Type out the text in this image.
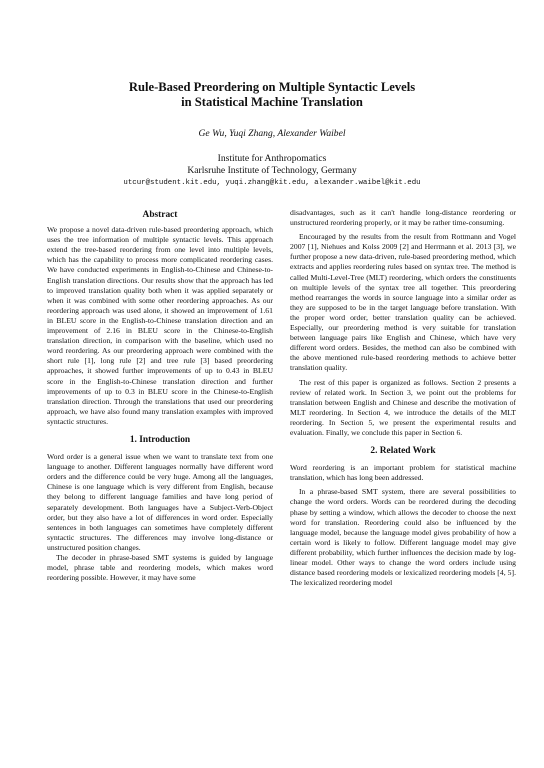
Rule-Based Preordering on Multiple Syntactic Levels
in Statistical Machine Translation
Ge Wu, Yuqi Zhang, Alexander Waibel
Institute for Anthropomatics
Karlsruhe Institute of Technology, Germany
utcur@student.kit.edu, yuqi.zhang@kit.edu, alexander.waibel@kit.edu
Abstract

We propose a novel data-driven rule-based preordering approach, which uses the tree information of multiple syntactic levels. This approach extend the tree-based reordering from one level into multiple levels, which has the capability to process more complicated reordering cases. We have conducted experiments in English-to-Chinese and Chinese-to-English translation directions. Our results show that the approach has led to improved translation quality both when it was applied separately or when it was combined with some other reordering approaches. As our reordering approach was used alone, it showed an improvement of 1.61 in BLEU score in the English-to-Chinese translation direction and an improvement of 2.16 in BLEU score in the Chinese-to-English translation direction, in comparison with the baseline, which used no word reordering. As our preordering approach were combined with the short rule [1], long rule [2] and tree rule [3] based preordering approaches, it showed further improvements of up to 0.43 in BLEU score in the English-to-Chinese translation direction and further improvements of up to 0.3 in BLEU score in the Chinese-to-English translation direction. Through the translations that used our preordering approach, we have also found many translation examples with improved syntactic structures.

1. Introduction

Word order is a general issue when we want to translate text from one language to another. Different languages normally have different word orders and the difference could be very huge. Among all the languages, Chinese is one language which is very different from English, because they belong to different language families and have long period of separately development. Both languages have a Subject-Verb-Object order, but they also have a lot of differences in word order. Especially sentences in both languages can sometimes have completely different syntactic structures. The differences may involve long-distance or unstructured position changes.

The decoder in phrase-based SMT systems is guided by language model, phrase table and reordering models, which makes word reordering possible. However, it may have some

disadvantages, such as it can't handle long-distance reordering or unstructured reordering properly, or it may be rather time-consuming.

Encouraged by the results from the result from Rottmann and Vogel 2007 [1], Niehues and Kolss 2009 [2] and Herrmann et al. 2013 [3], we further propose a new data-driven, rule-based preordering method, which extracts and applies reordering rules based on syntax tree. The method is called Multi-Level-Tree (MLT) reordering, which orders the constituents on multiple levels of the syntax tree all together. This preordering method rearranges the words in source language into a similar order as they are supposed to be in the target language before translation. With the proper word order, better translation quality can be achieved. Especially, our preordering method is very suitable for translation between language pairs like English and Chinese, which have very different word orders. Besides, the method can also be combined with the above mentioned rule-based reordering methods to achieve better translation quality.

The rest of this paper is organized as follows. Section 2 presents a review of related work. In Section 3, we point out the problems for translation between English and Chinese and describe the motivation of MLT reordering. In Section 4, we introduce the details of the MLT reordering. In Section 5, we present the experimental results and evaluation. Finally, we conclude this paper in Section 6.

2. Related Work

Word reordering is an important problem for statistical machine translation, which has long been addressed.

In a phrase-based SMT system, there are several possibilities to change the word orders. Words can be reordered during the decoding phase by setting a window, which allows the decoder to choose the next word for translation. Reordering could also be influenced by the language model, because the language model gives probability of how a certain word is likely to follow. Different language model may give different probability, which further influences the decision made by log-linear model. Other ways to change the word orders include using distance based reordering models or lexicalized reordering models [4, 5]. The lexicalized reordering model
